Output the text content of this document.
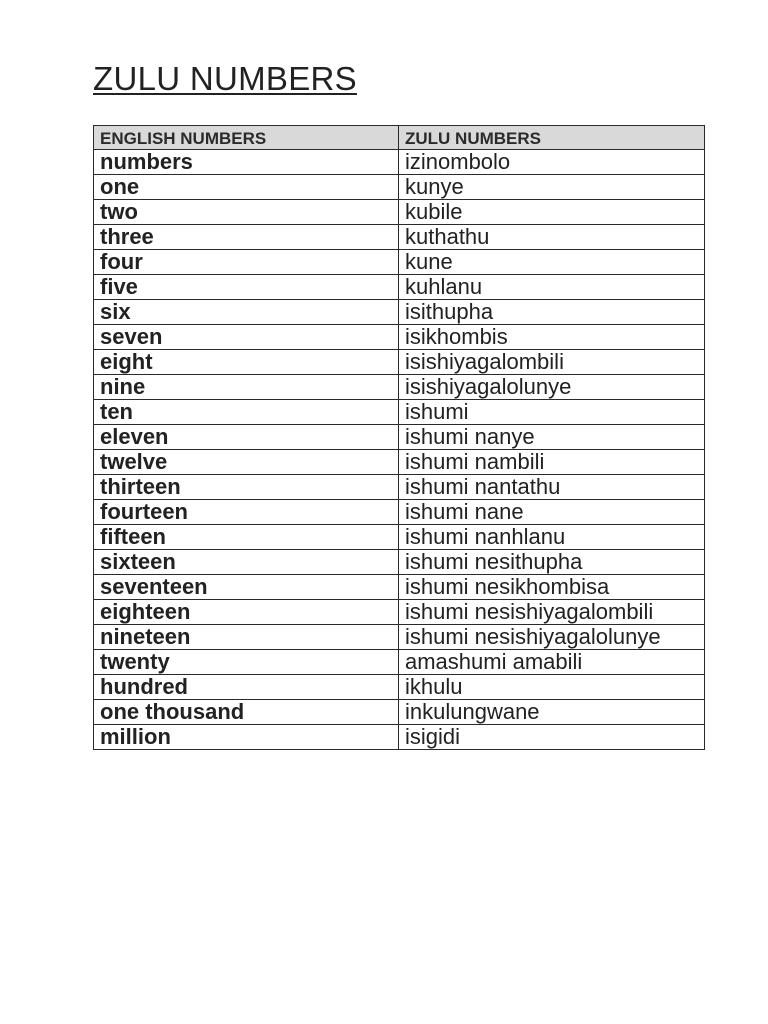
ZULU NUMBERS
ENGLISH NUMBERS	ZULU NUMBERS
numbers	izinombolo
one	kunye
two	kubile
three	kuthathu
four	kune
five	kuhlanu
six	isithupha
seven	isikhombis
eight	isishiyagalombili
nine	isishiyagalolunye
ten	ishumi
eleven	ishumi nanye
twelve	ishumi nambili
thirteen	ishumi nantathu
fourteen	ishumi nane
fifteen	ishumi nanhlanu
sixteen	ishumi nesithupha
seventeen	ishumi nesikhombisa
eighteen	ishumi nesishiyagalombili
nineteen	ishumi nesishiyagalolunye
twenty	amashumi amabili
hundred	ikhulu
one thousand	inkulungwane
million	isigidi
